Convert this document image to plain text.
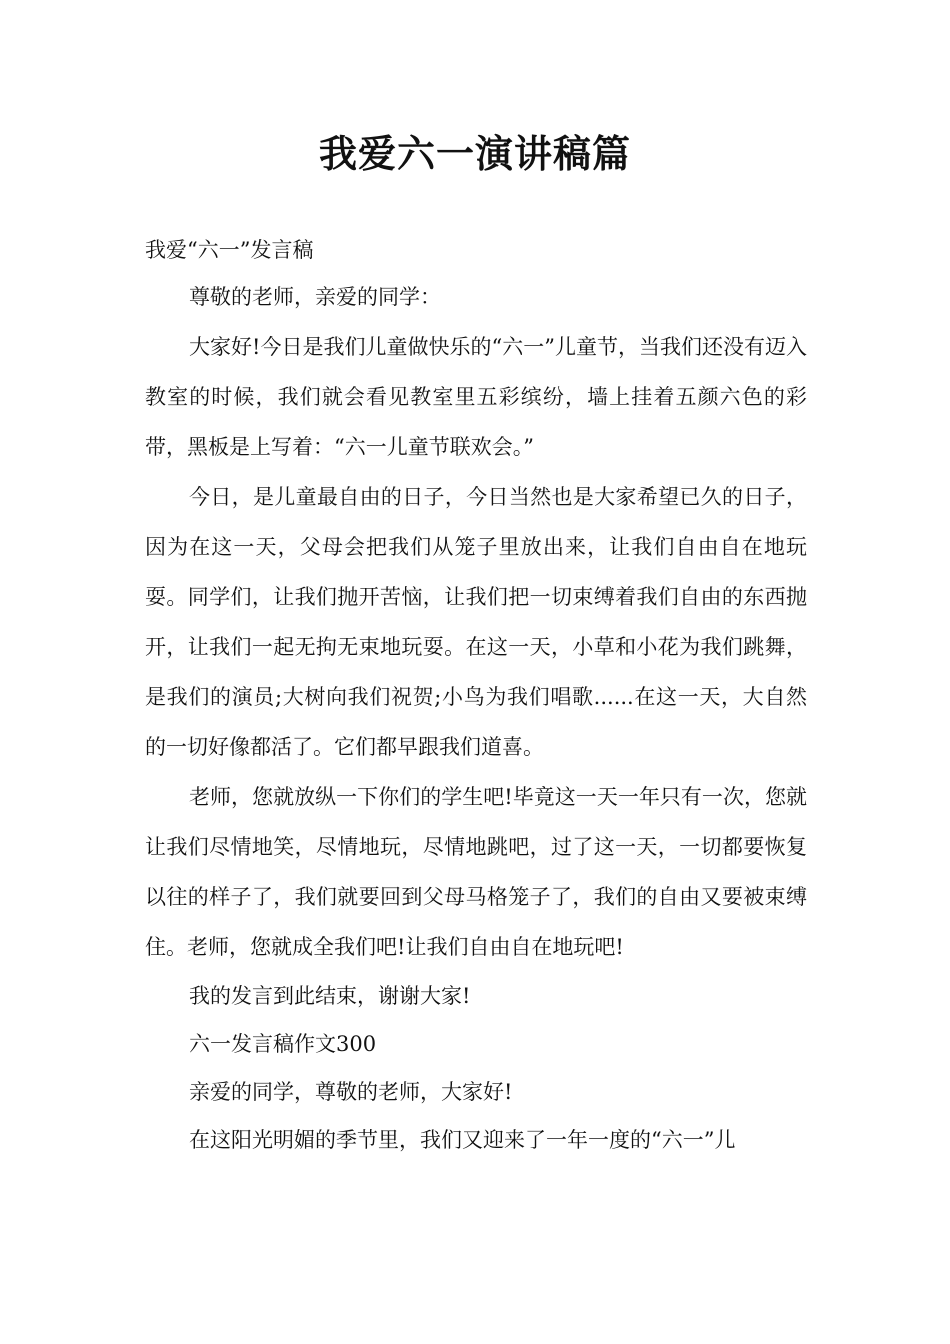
我爱六一演讲稿篇
我爱“六一”发言稿

尊敬的老师，亲爱的同学：

大家好!今日是我们儿童做快乐的“六一”儿童节，当我们还没有迈入教室的时候，我们就会看见教室里五彩缤纷，墙上挂着五颜六色的彩带，黑板是上写着：“六一儿童节联欢会。”

今日，是儿童最自由的日子，今日当然也是大家希望已久的日子，因为在这一天，父母会把我们从笼子里放出来，让我们自由自在地玩耍。同学们，让我们抛开苦恼，让我们把一切束缚着我们自由的东西抛开，让我们一起无拘无束地玩耍。在这一天，小草和小花为我们跳舞，是我们的演员;大树向我们祝贺;小鸟为我们唱歌......在这一天，大自然的一切好像都活了。它们都早跟我们道喜。

老师，您就放纵一下你们的学生吧!毕竟这一天一年只有一次，您就让我们尽情地笑，尽情地玩，尽情地跳吧，过了这一天，一切都要恢复以往的样子了，我们就要回到父母马格笼子了，我们的自由又要被束缚住。老师，您就成全我们吧!让我们自由自在地玩吧!

我的发言到此结束，谢谢大家!

六一发言稿作文300

亲爱的同学，尊敬的老师，大家好!

在这阳光明媚的季节里，我们又迎来了一年一度的“六一”儿
